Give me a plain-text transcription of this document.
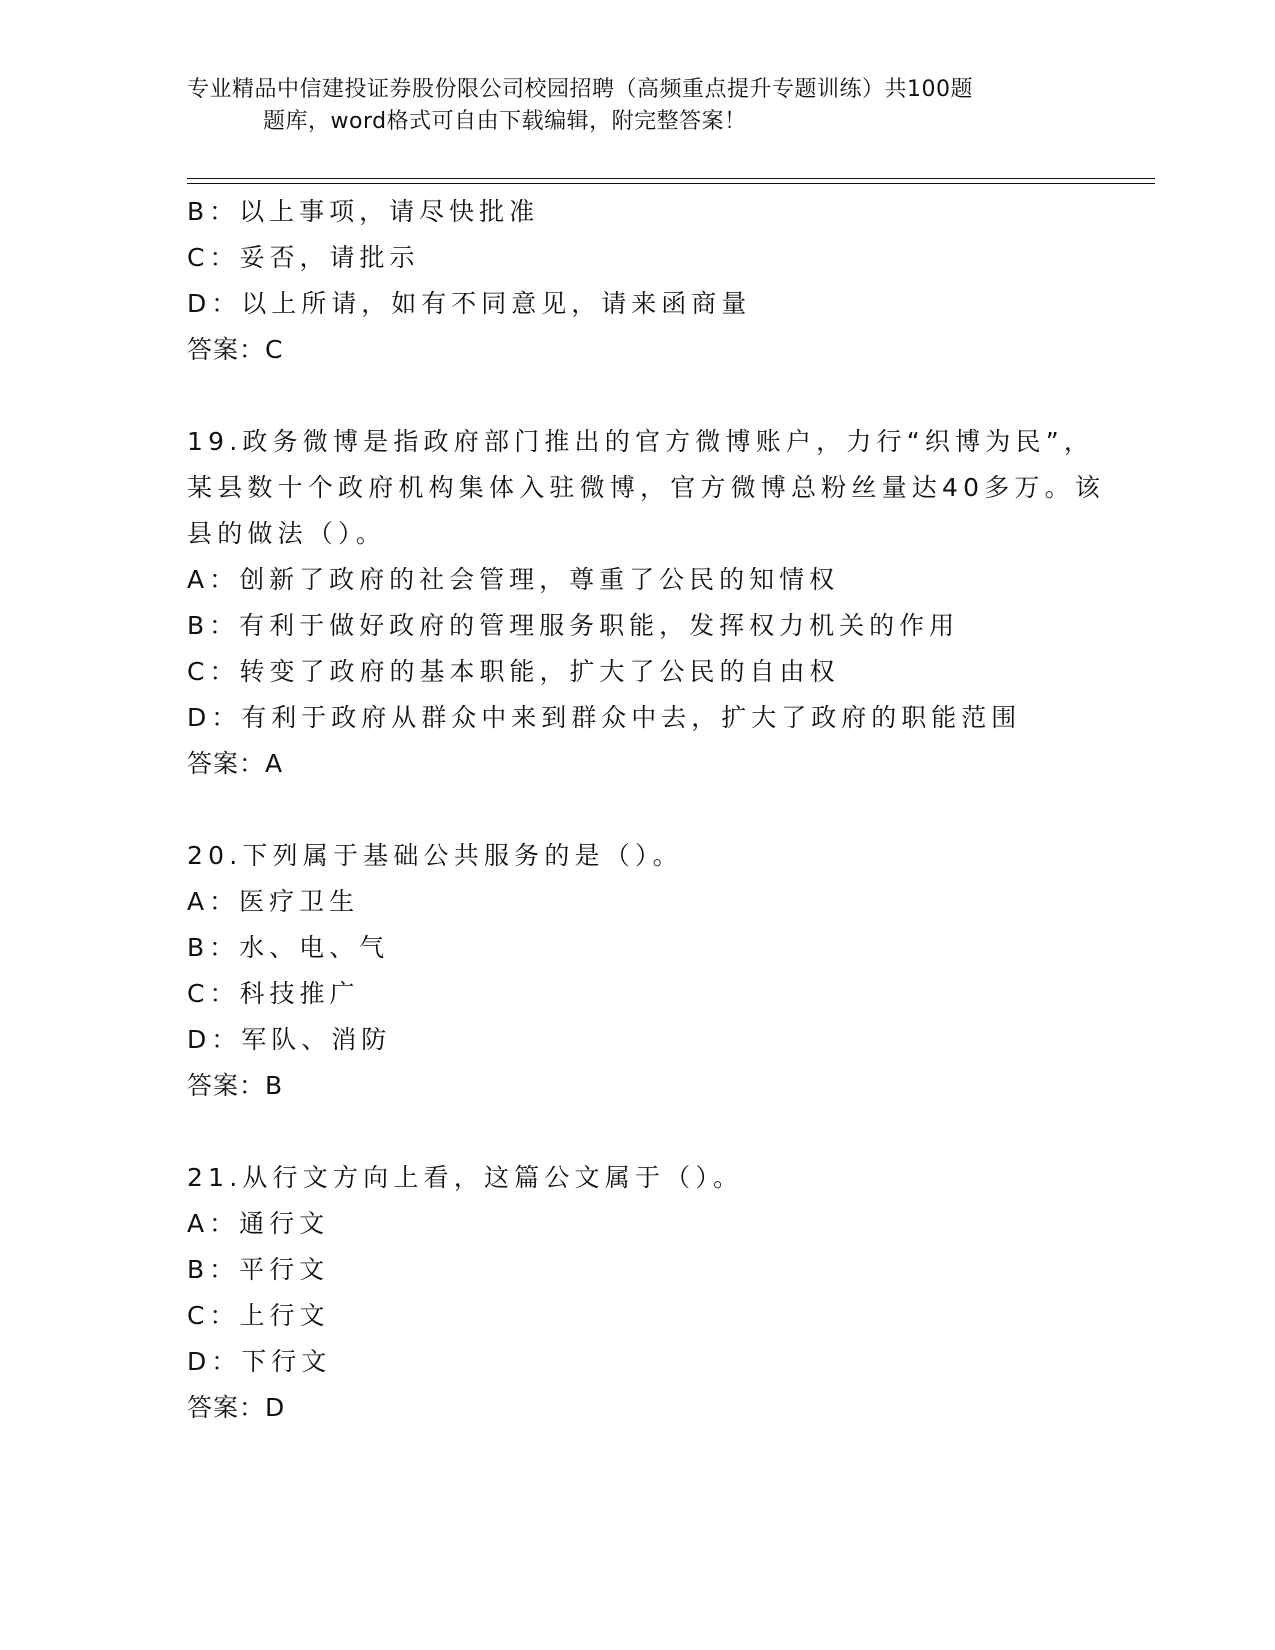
专业精品中信建投证券股份限公司校园招聘（高频重点提升专题训练）共100题
题库，word格式可自由下载编辑，附完整答案！
B：以上事项，请尽快批准
C：妥否，请批示
D：以上所请，如有不同意见，请来函商量
答案：C
19.政务微博是指政府部门推出的官方微博账户，力行“织博为民”，
某县数十个政府机构集体入驻微博，官方微博总粉丝量达40多万。该
县的做法（）。
A：创新了政府的社会管理，尊重了公民的知情权
B：有利于做好政府的管理服务职能，发挥权力机关的作用
C：转变了政府的基本职能，扩大了公民的自由权
D：有利于政府从群众中来到群众中去，扩大了政府的职能范围
答案：A
20.下列属于基础公共服务的是（）。
A：医疗卫生
B：水、电、气
C：科技推广
D：军队、消防
答案：B
21.从行文方向上看，这篇公文属于（）。
A：通行文
B：平行文
C：上行文
D：下行文
答案：D
